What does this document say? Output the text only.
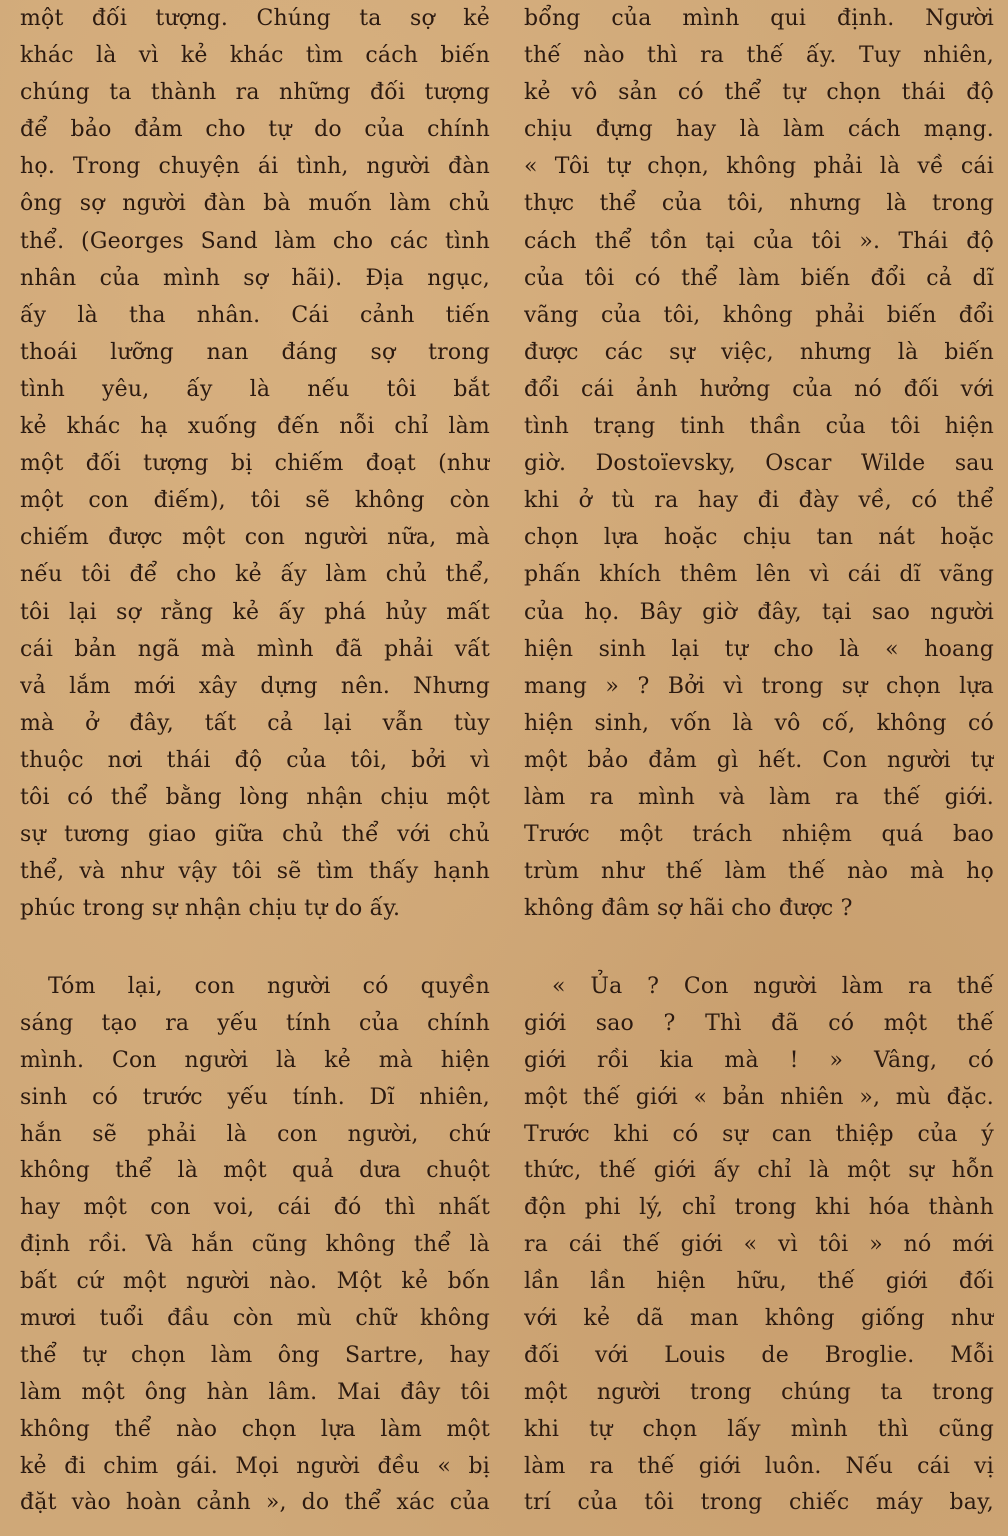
một đối tượng. Chúng ta sợ kẻ
khác là vì kẻ khác tìm cách biến
chúng ta thành ra những đối tượng
để bảo đảm cho tự do của chính
họ. Trong chuyện ái tình, người đàn
ông sợ người đàn bà muốn làm chủ
thể. (Georges Sand làm cho các tình
nhân của mình sợ hãi). Địa ngục,
ấy là tha nhân. Cái cảnh tiến
thoái lưỡng nan đáng sợ trong
tình yêu, ấy là nếu tôi bắt
kẻ khác hạ xuống đến nỗi chỉ làm
một đối tượng bị chiếm đoạt (như
một con điếm), tôi sẽ không còn
chiếm được một con người nữa, mà
nếu tôi để cho kẻ ấy làm chủ thể,
tôi lại sợ rằng kẻ ấy phá hủy mất
cái bản ngã mà mình đã phải vất
vả lắm mới xây dựng nên. Nhưng
mà ở đây, tất cả lại vẫn tùy
thuộc nơi thái độ của tôi, bởi vì
tôi có thể bằng lòng nhận chịu một
sự tương giao giữa chủ thể với chủ
thể, và như vậy tôi sẽ tìm thấy hạnh
phúc trong sự nhận chịu tự do ấy.
bổng của mình qui định. Người
thế nào thì ra thế ấy. Tuy nhiên,
kẻ vô sản có thể tự chọn thái độ
chịu đựng hay là làm cách mạng.
« Tôi tự chọn, không phải là về cái
thực thể của tôi, nhưng là trong
cách thể tồn tại của tôi ». Thái độ
của tôi có thể làm biến đổi cả dĩ
vãng của tôi, không phải biến đổi
được các sự việc, nhưng là biến
đổi cái ảnh hưởng của nó đối với
tình trạng tinh thần của tôi hiện
giờ. Dostoïevsky, Oscar Wilde sau
khi ở tù ra hay đi đày về, có thể
chọn lựa hoặc chịu tan nát hoặc
phấn khích thêm lên vì cái dĩ vãng
của họ. Bây giờ đây, tại sao người
hiện sinh lại tự cho là « hoang
mang » ? Bởi vì trong sự chọn lựa
hiện sinh, vốn là vô cố, không có
một bảo đảm gì hết. Con người tự
làm ra mình và làm ra thế giới.
Trước một trách nhiệm quá bao
trùm như thế làm thế nào mà họ
không đâm sợ hãi cho được ?
Tóm lại, con người có quyền
sáng tạo ra yếu tính của chính
mình. Con người là kẻ mà hiện
sinh có trước yếu tính. Dĩ nhiên,
hắn sẽ phải là con người, chứ
không thể là một quả dưa chuột
hay một con voi, cái đó thì nhất
định rồi. Và hắn cũng không thể là
bất cứ một người nào. Một kẻ bốn
mươi tuổi đầu còn mù chữ không
thể tự chọn làm ông Sartre, hay
làm một ông hàn lâm. Mai đây tôi
không thể nào chọn lựa làm một
kẻ đi chim gái. Mọi người đều « bị
đặt vào hoàn cảnh », do thể xác của
« Ủa ? Con người làm ra thế
giới sao ? Thì đã có một thế
giới rồi kia mà ! » Vâng, có
một thế giới « bản nhiên », mù đặc.
Trước khi có sự can thiệp của ý
thức, thế giới ấy chỉ là một sự hỗn
độn phi lý, chỉ trong khi hóa thành
ra cái thế giới « vì tôi » nó mới
lần lần hiện hữu, thế giới đối
với kẻ dã man không giống như
đối với Louis de Broglie. Mỗi
một người trong chúng ta trong
khi tự chọn lấy mình thì cũng
làm ra thế giới luôn. Nếu cái vị
trí của tôi trong chiếc máy bay,
